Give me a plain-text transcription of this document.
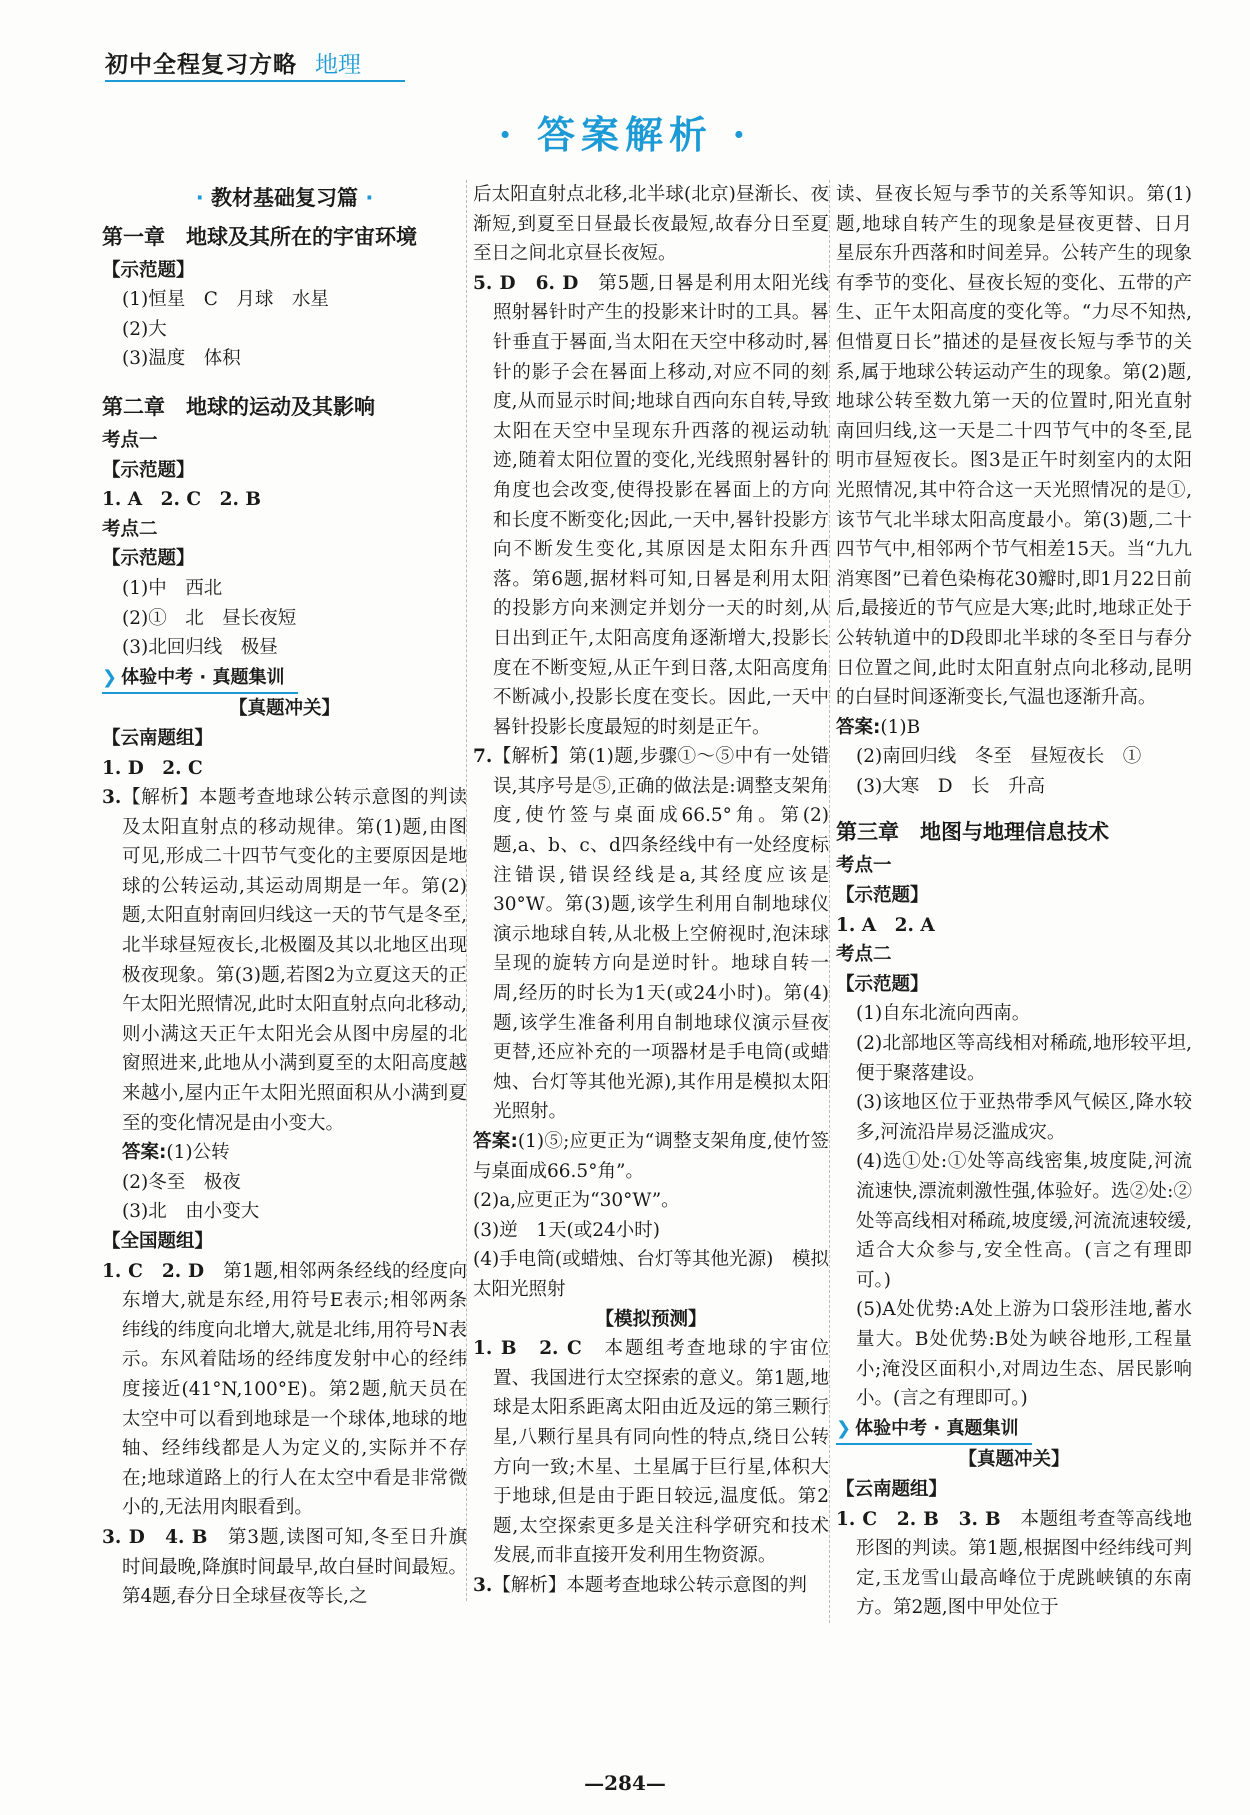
初中全程复习方略 地理
· 答案解析 ·
· 教材基础复习篇 ·
第一章　地球及其所在的宇宙环境

【示范题】

(1)恒星　C　月球　水星

(2)大

(3)温度　体积

第二章　地球的运动及其影响

考点一

【示范题】

1. A　2. C　2. B

考点二

【示范题】

(1)中　西北

(2)①　北　昼长夜短

(3)北回归线　极昼

❯ 体验中考 · 真题集训

【真题冲关】

【云南题组】

1. D　2. C

3.【解析】本题考查地球公转示意图的判读及太阳直射点的移动规律。第(1)题,由图可见,形成二十四节气变化的主要原因是地球的公转运动,其运动周期是一年。第(2)题,太阳直射南回归线这一天的节气是冬至,北半球昼短夜长,北极圈及其以北地区出现极夜现象。第(3)题,若图2为立夏这天的正午太阳光照情况,此时太阳直射点向北移动,则小满这天正午太阳光会从图中房屋的北窗照进来,此地从小满到夏至的太阳高度越来越小,屋内正午太阳光照面积从小满到夏至的变化情况是由小变大。

答案:(1)公转

(2)冬至　极夜

(3)北　由小变大

【全国题组】

1. C　2. D　 第1题,相邻两条经线的经度向东增大,就是东经,用符号E表示;相邻两条纬线的纬度向北增大,就是北纬,用符号N表示。东风着陆场的经纬度发射中心的经纬度接近(41°N,100°E)。第2题,航天员在太空中可以看到地球是一个球体,地球的地轴、经纬线都是人为定义的,实际并不存在;地球道路上的行人在太空中看是非常微小的,无法用肉眼看到。

3. D　4. B　 第3题,读图可知,冬至日升旗时间最晚,降旗时间最早,故白昼时间最短。第4题,春分日全球昼夜等长,之

后太阳直射点北移,北半球(北京)昼渐长、夜渐短,到夏至日昼最长夜最短,故春分日至夏至日之间北京昼长夜短。

5. D　6. D　 第5题,日晷是利用太阳光线照射晷针时产生的投影来计时的工具。晷针垂直于晷面,当太阳在天空中移动时,晷针的影子会在晷面上移动,对应不同的刻度,从而显示时间;地球自西向东自转,导致太阳在天空中呈现东升西落的视运动轨迹,随着太阳位置的变化,光线照射晷针的角度也会改变,使得投影在晷面上的方向和长度不断变化;因此,一天中,晷针投影方向不断发生变化,其原因是太阳东升西落。第6题,据材料可知,日晷是利用太阳的投影方向来测定并划分一天的时刻,从日出到正午,太阳高度角逐渐增大,投影长度在不断变短,从正午到日落,太阳高度角不断减小,投影长度在变长。因此,一天中晷针投影长度最短的时刻是正午。

7.【解析】第(1)题,步骤①～⑤中有一处错误,其序号是⑤,正确的做法是:调整支架角度,使竹签与桌面成66.5°角。第(2)题,a、b、c、d四条经线中有一处经度标注错误,错误经线是a,其经度应该是30°W。第(3)题,该学生利用自制地球仪演示地球自转,从北极上空俯视时,泡沫球呈现的旋转方向是逆时针。地球自转一周,经历的时长为1天(或24小时)。第(4)题,该学生准备利用自制地球仪演示昼夜更替,还应补充的一项器材是手电筒(或蜡烛、台灯等其他光源),其作用是模拟太阳光照射。

答案:(1)⑤;应更正为“调整支架角度,使竹签与桌面成66.5°角”。

(2)a,应更正为“30°W”。

(3)逆　1天(或24小时)

(4)手电筒(或蜡烛、台灯等其他光源)　模拟太阳光照射

【模拟预测】

1. B　2. C　 本题组考查地球的宇宙位置、我国进行太空探索的意义。第1题,地球是太阳系距离太阳由近及远的第三颗行星,八颗行星具有同向性的特点,绕日公转方向一致;木星、土星属于巨行星,体积大于地球,但是由于距日较远,温度低。第2题,太空探索更多是关注科学研究和技术发展,而非直接开发利用生物资源。

3.【解析】本题考查地球公转示意图的判

读、昼夜长短与季节的关系等知识。第(1)题,地球自转产生的现象是昼夜更替、日月星辰东升西落和时间差异。公转产生的现象有季节的变化、昼夜长短的变化、五带的产生、正午太阳高度的变化等。“力尽不知热,但惜夏日长”描述的是昼夜长短与季节的关系,属于地球公转运动产生的现象。第(2)题,地球公转至数九第一天的位置时,阳光直射南回归线,这一天是二十四节气中的冬至,昆明市昼短夜长。图3是正午时刻室内的太阳光照情况,其中符合这一天光照情况的是①,该节气北半球太阳高度最小。第(3)题,二十四节气中,相邻两个节气相差15天。当“九九消寒图”已着色染梅花30瓣时,即1月22日前后,最接近的节气应是大寒;此时,地球正处于公转轨道中的D段即北半球的冬至日与春分日位置之间,此时太阳直射点向北移动,昆明的白昼时间逐渐变长,气温也逐渐升高。

答案:(1)B

(2)南回归线　冬至　昼短夜长　①

(3)大寒　D　长　升高

第三章　地图与地理信息技术

考点一

【示范题】

1. A　2. A

考点二

【示范题】

(1)自东北流向西南。

(2)北部地区等高线相对稀疏,地形较平坦,便于聚落建设。

(3)该地区位于亚热带季风气候区,降水较多,河流沿岸易泛滥成灾。

(4)选①处:①处等高线密集,坡度陡,河流流速快,漂流刺激性强,体验好。选②处:②处等高线相对稀疏,坡度缓,河流流速较缓,适合大众参与,安全性高。(言之有理即可。)

(5)A处优势:A处上游为口袋形洼地,蓄水量大。B处优势:B处为峡谷地形,工程量小;淹没区面积小,对周边生态、居民影响小。(言之有理即可。)

❯ 体验中考 · 真题集训

【真题冲关】

【云南题组】

1. C　2. B　3. B　 本题组考查等高线地形图的判读。第1题,根据图中经纬线可判定,玉龙雪山最高峰位于虎跳峡镇的东南方。第2题,图中甲处位于

—284—
